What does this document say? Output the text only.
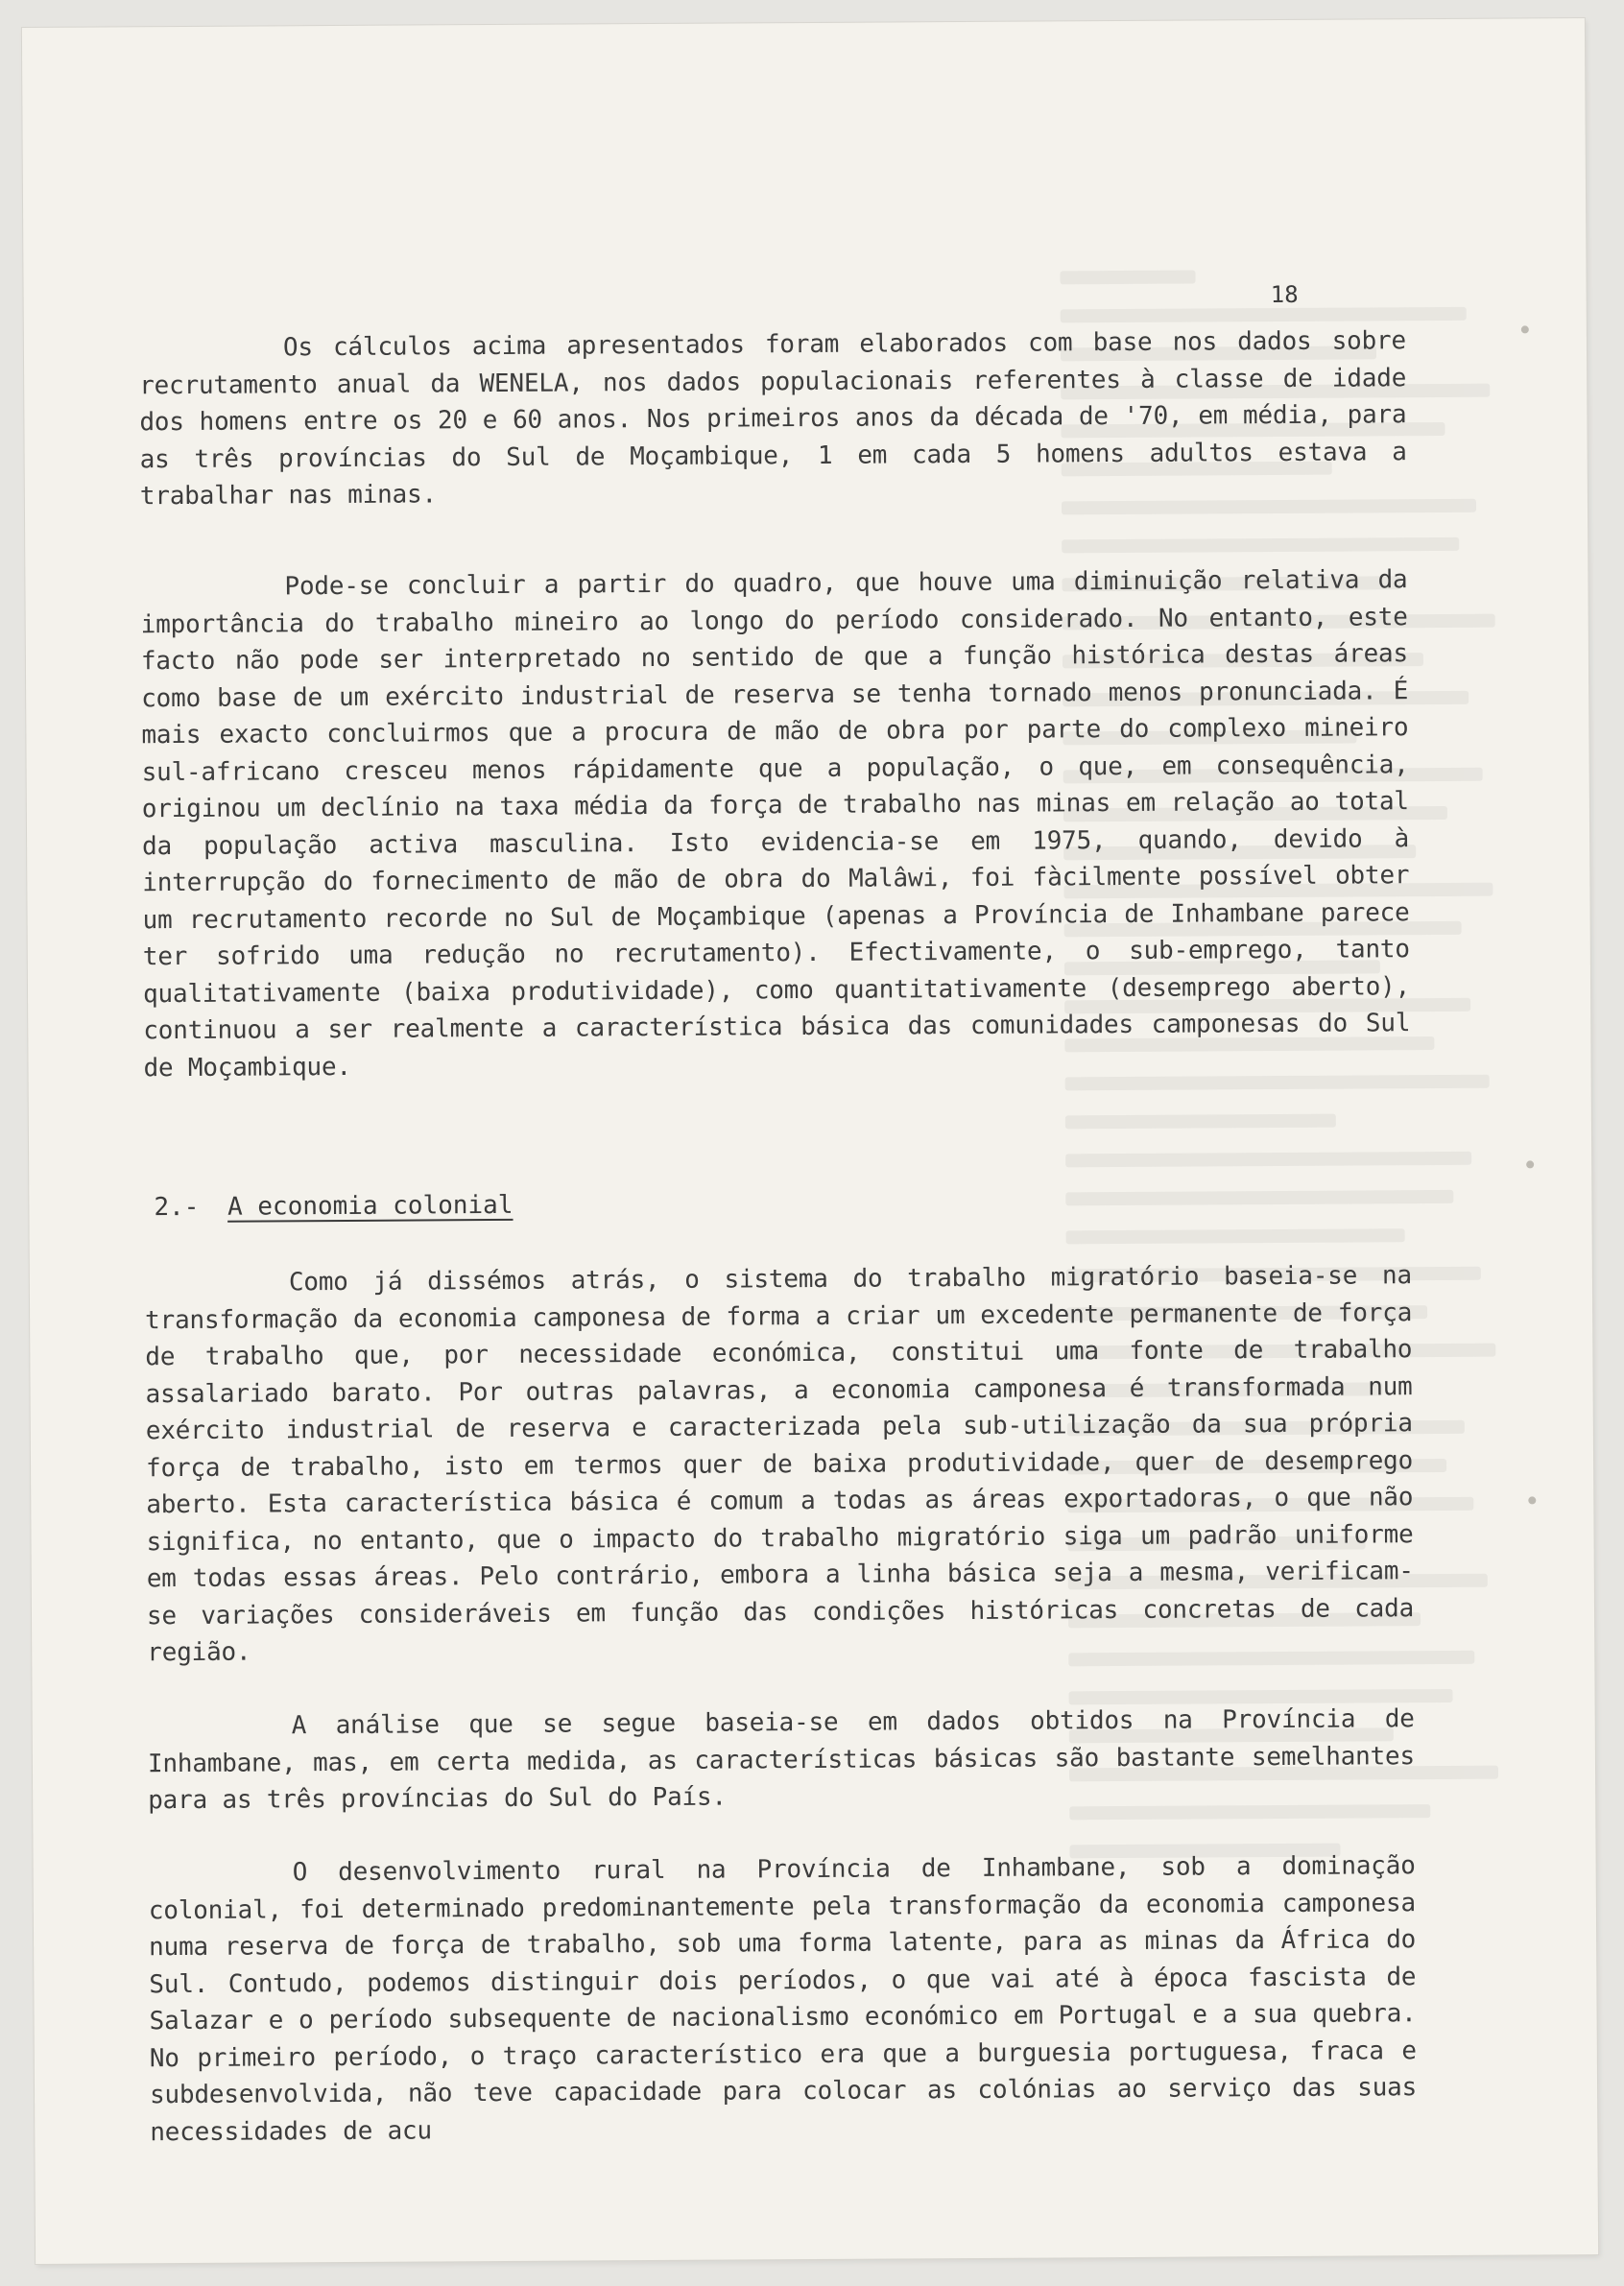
18

Os cálculos acima apresentados foram elaborados com base nos dados sobre recrutamento anual da WENELA, nos dados populacionais referentes à classe de idade dos homens entre os 20 e 60 anos. Nos primeiros anos da década de '70, em média, para as três províncias do Sul de Moçambique, 1 em cada 5 homens adultos estava a trabalhar nas minas.

Pode-se concluir a partir do quadro, que houve uma diminuição relativa da importância do trabalho mineiro ao longo do período considerado. No entanto, este facto não pode ser interpretado no sentido de que a função histórica destas áreas como base de um exército industrial de reserva se tenha tornado menos pronunciada. É mais exacto concluirmos que a procura de mão de obra por parte do complexo mineiro sul-africano cresceu menos rápidamente que a população, o que, em consequência, originou um declínio na taxa média da força de trabalho nas minas em relação ao total da população activa masculina. Isto evidencia-se em 1975, quando, devido à interrupção do fornecimento de mão de obra do Malâwi, foi fàcilmente possível obter um recrutamento recorde no Sul de Moçambique (apenas a Província de Inhambane parece ter sofrido uma redução no recrutamento). Efectivamente, o sub-emprego, tanto qualitativamente (baixa produtividade), como quantitativamente (desemprego aberto), continuou a ser realmente a característica básica das comunidades camponesas do Sul de Moçambique.

2.- A economia colonial

Como já dissémos atrás, o sistema do trabalho migratório baseia-se na transformação da economia camponesa de forma a criar um excedente permanente de força de trabalho que, por necessidade económica, constitui uma fonte de trabalho assalariado barato. Por outras palavras, a economia camponesa é transformada num exército industrial de reserva e caracterizada pela sub-utilização da sua própria força de trabalho, isto em termos quer de baixa produtividade, quer de desemprego aberto. Esta característica básica é comum a todas as áreas exportadoras, o que não significa, no entanto, que o impacto do trabalho migratório siga um padrão uniforme em todas essas áreas. Pelo contrário, embora a linha básica seja a mesma, verificam-se variações consideráveis em função das condições históricas concretas de cada região.

A análise que se segue baseia-se em dados obtidos na Província de Inhambane, mas, em certa medida, as características básicas são bastante semelhantes para as três províncias do Sul do País.

O desenvolvimento rural na Província de Inhambane, sob a dominação colonial, foi determinado predominantemente pela transformação da economia camponesa numa reserva de força de trabalho, sob uma forma latente, para as minas da África do Sul. Contudo, podemos distinguir dois períodos, o que vai até à época fascista de Salazar e o período subsequente de nacionalismo económico em Portugal e a sua quebra. No primeiro período, o traço característico era que a burguesia portuguesa, fraca e subdesenvolvida, não teve capacidade para colocar as colónias ao serviço das suas necessidades de acu
